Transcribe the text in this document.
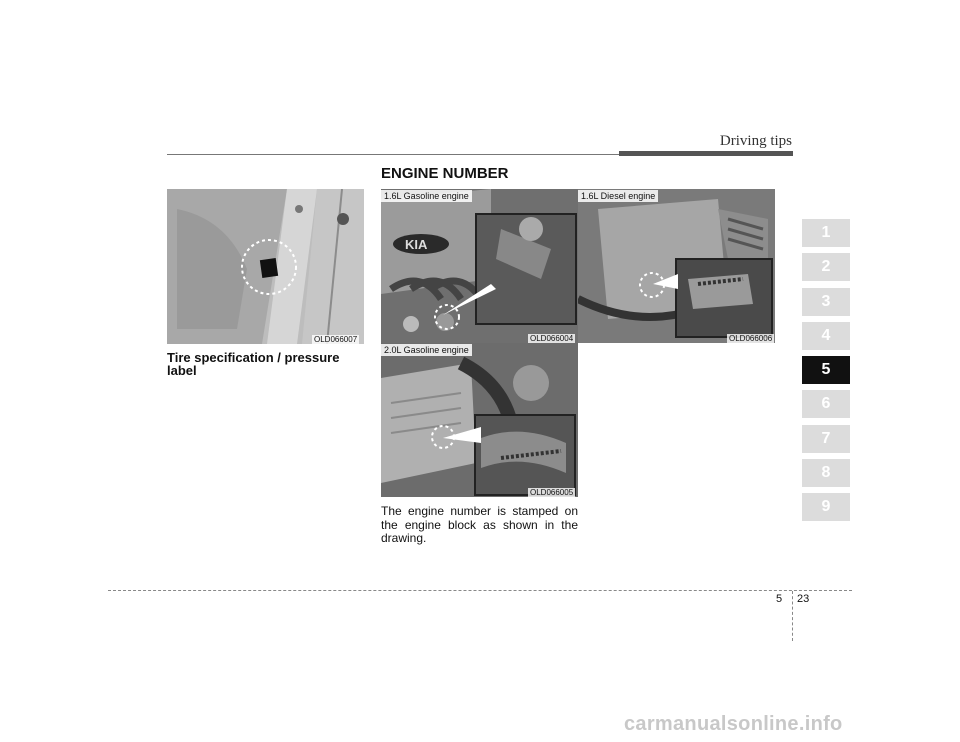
Driving tips
1
2
3
4
5
6
7
8
9
OLD066007
Tire specification / pressure label
ENGINE NUMBER
KIA
1.6L Gasoline engine
OLD066004
1.6L Diesel engine
OLD066006
2.0L Gasoline engine
OLD066005
The engine number is stamped on the engine block as shown in the drawing.
5 23
carmanualsonline.info
